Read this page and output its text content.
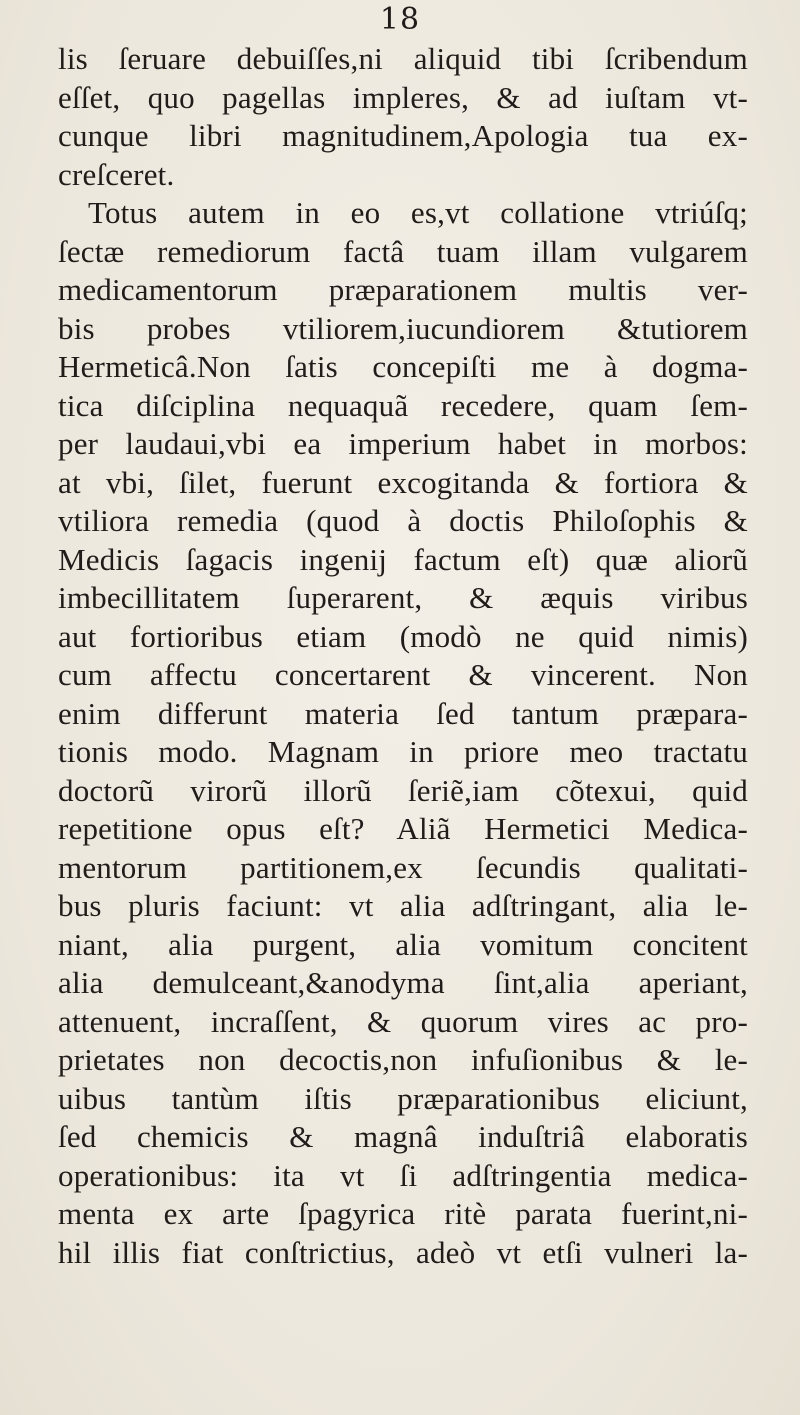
18
lis ſeruare debuiſſes,ni aliquid tibi ſcribendum
eſſet, quo pagellas impleres, & ad iuſtam vt-
cunque libri magnitudinem,Apologia tua ex-
creſceret.
Totus autem in eo es,vt collatione vtriúſq;
ſectæ remediorum factâ tuam illam vulgarem
medicamentorum præparationem multis ver-
bis probes vtiliorem,iucundiorem &tutiorem
Hermeticâ.Non ſatis concepiſti me à dogma-
tica diſciplina nequaquã recedere, quam ſem-
per laudaui,vbi ea imperium habet in morbos:
at vbi, ſilet, fuerunt excogitanda & fortiora &
vtiliora remedia (quod à doctis Philoſophis &
Medicis ſagacis ingenij factum eſt) quæ aliorũ
imbecillitatem ſuperarent, & æquis viribus
aut fortioribus etiam (modò ne quid nimis)
cum affectu concertarent & vincerent. Non
enim differunt materia ſed tantum præpara-
tionis modo. Magnam in priore meo tractatu
doctorũ virorũ illorũ ſeriẽ,iam cõtexui, quid
repetitione opus eſt? Aliã Hermetici Medica-
mentorum partitionem,ex ſecundis qualitati-
bus pluris faciunt: vt alia adſtringant, alia le-
niant, alia purgent, alia vomitum concitent
alia demulceant,&anodyma ſint,alia aperiant,
attenuent, incraſſent, & quorum vires ac pro-
prietates non decoctis,non infuſionibus & le-
uibus tantùm iſtis præparationibus eliciunt,
ſed chemicis & magnâ induſtriâ elaboratis
operationibus: ita vt ſi adſtringentia medica-
menta ex arte ſpagyrica ritè parata fuerint,ni-
hil illis fiat conſtrictius, adeò vt etſi vulneri la-
